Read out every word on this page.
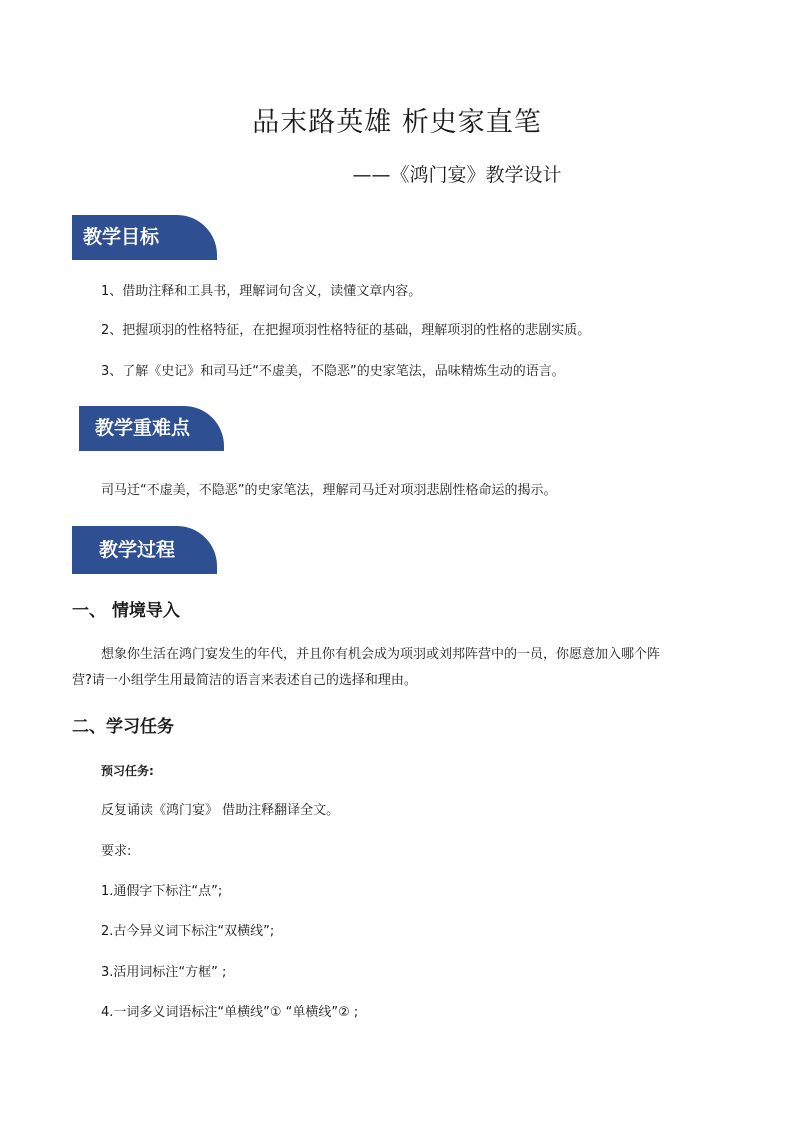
品末路英雄 析史家直笔
——《鸿门宴》教学设计
教学目标
1、借助注释和工具书，理解词句含义，读懂文章内容。
2、把握项羽的性格特征，在把握项羽性格特征的基础，理解项羽的性格的悲剧实质。
3、了解《史记》和司马迁“不虚美，不隐恶”的史家笔法，品味精炼生动的语言。
教学重难点
司马迁“不虚美，不隐恶”的史家笔法，理解司马迁对项羽悲剧性格命运的揭示。
教学过程
一、 情境导入
想象你生活在鸿门宴发生的年代，并且你有机会成为项羽或刘邦阵营中的一员，你愿意加入哪个阵
营?请一小组学生用最简洁的语言来表述自己的选择和理由。
二、学习任务
预习任务:
反复诵读《鸿门宴》 借助注释翻译全文。
要求:
1.通假字下标注“点”;
2.古今异义词下标注“双横线”;
3.活用词标注“方框” ;
4.一词多义词语标注“单横线”① “单横线”② ;
